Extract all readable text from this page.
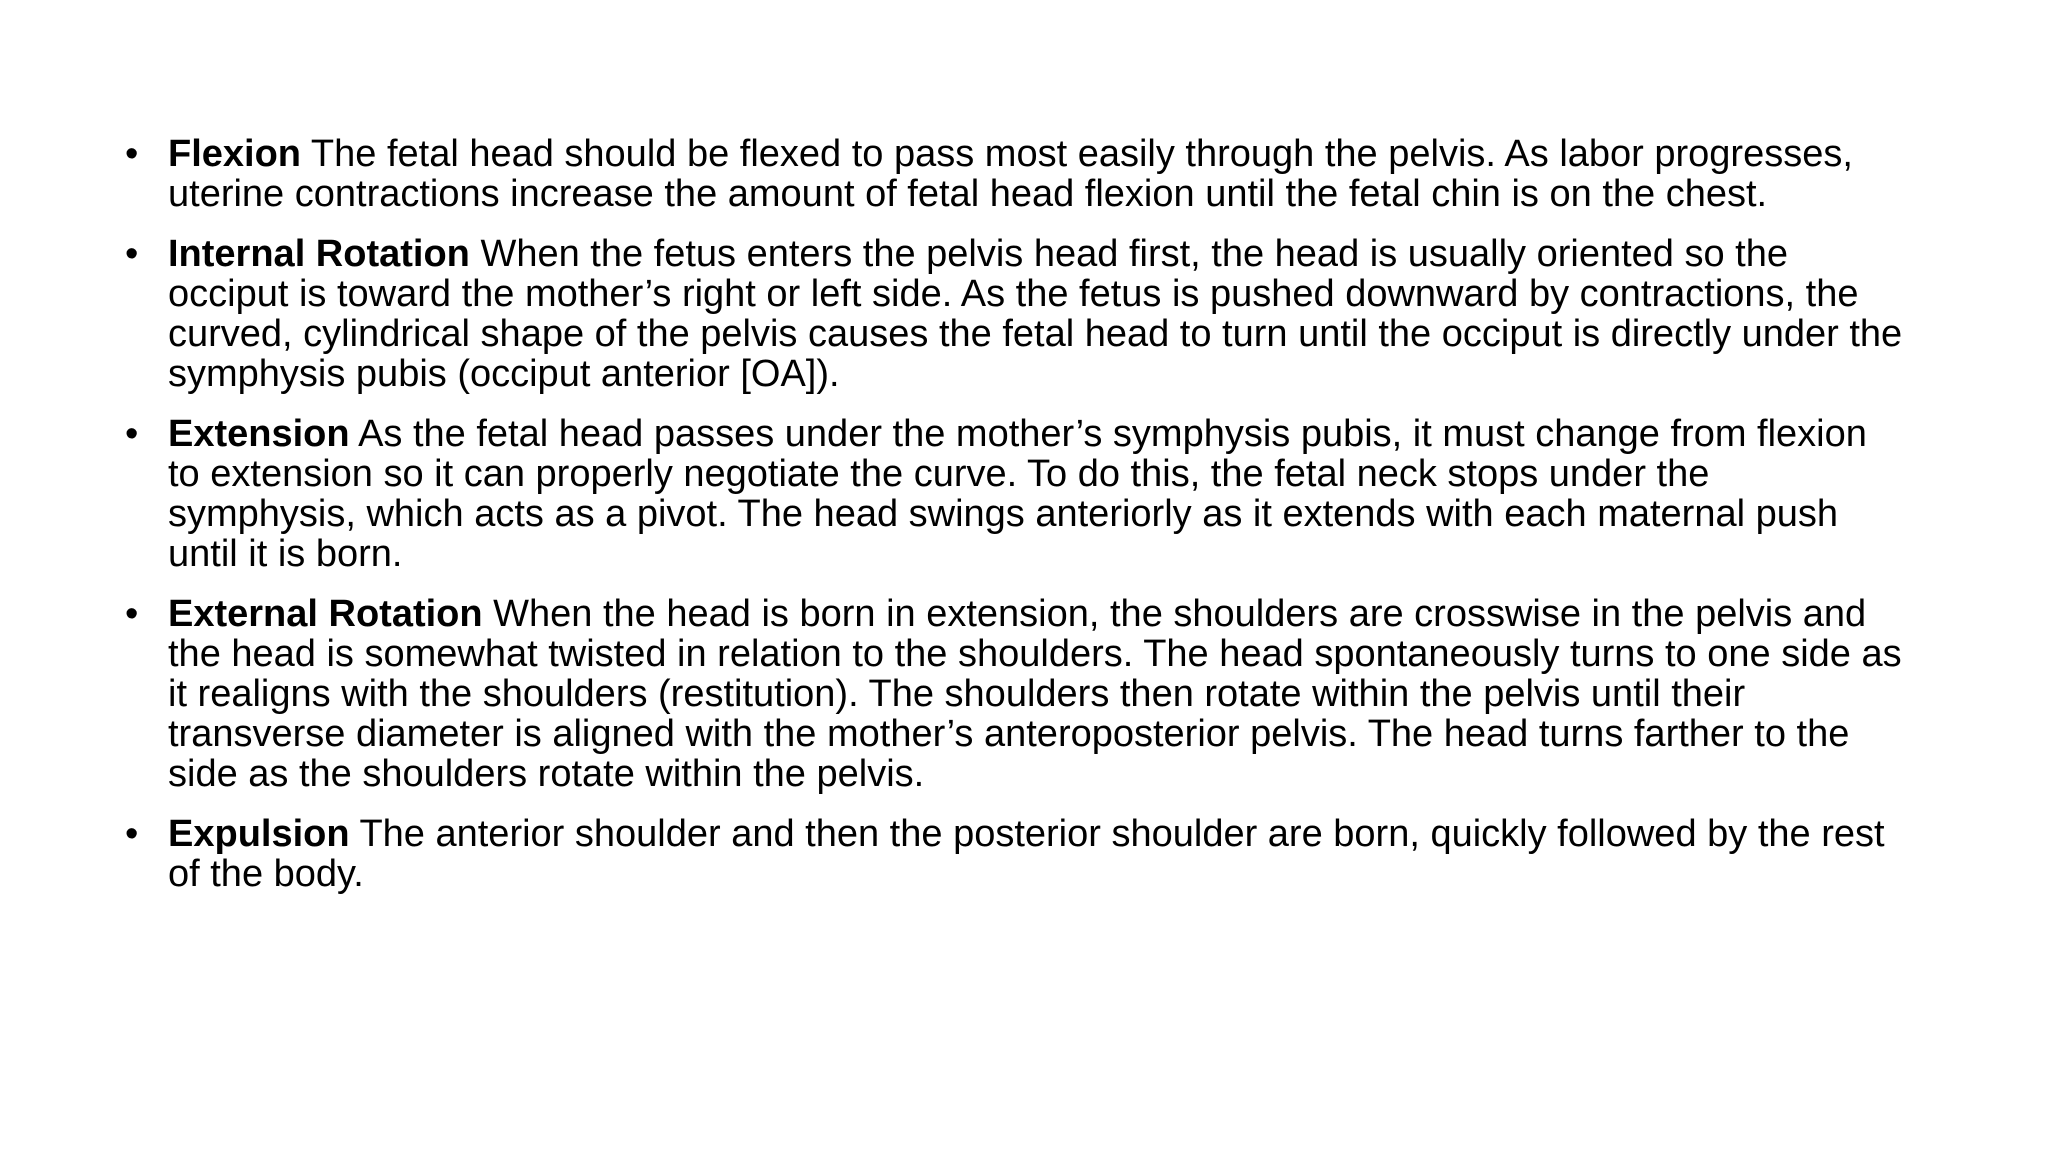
• Flexion The fetal head should be flexed to pass most easily through the pelvis. As labor progresses, uterine contractions increase the amount of fetal head flexion until the fetal chin is on the chest.
• Internal Rotation When the fetus enters the pelvis head first, the head is usually oriented so the occiput is toward the mother’s right or left side. As the fetus is pushed downward by contractions, the curved, cylindrical shape of the pelvis causes the fetal head to turn until the occiput is directly under the symphysis pubis (occiput anterior [OA]).
• Extension As the fetal head passes under the mother’s symphysis pubis, it must change from flexion to extension so it can properly negotiate the curve. To do this, the fetal neck stops under the symphysis, which acts as a pivot. The head swings anteriorly as it extends with each maternal push until it is born.
• External Rotation When the head is born in extension, the shoulders are crosswise in the pelvis and the head is somewhat twisted in relation to the shoulders. The head spontaneously turns to one side as it realigns with the shoulders (restitution). The shoulders then rotate within the pelvis until their transverse diameter is aligned with the mother’s anteroposterior pelvis. The head turns farther to the side as the shoulders rotate within the pelvis.
• Expulsion The anterior shoulder and then the posterior shoulder are born, quickly followed by the rest of the body.
